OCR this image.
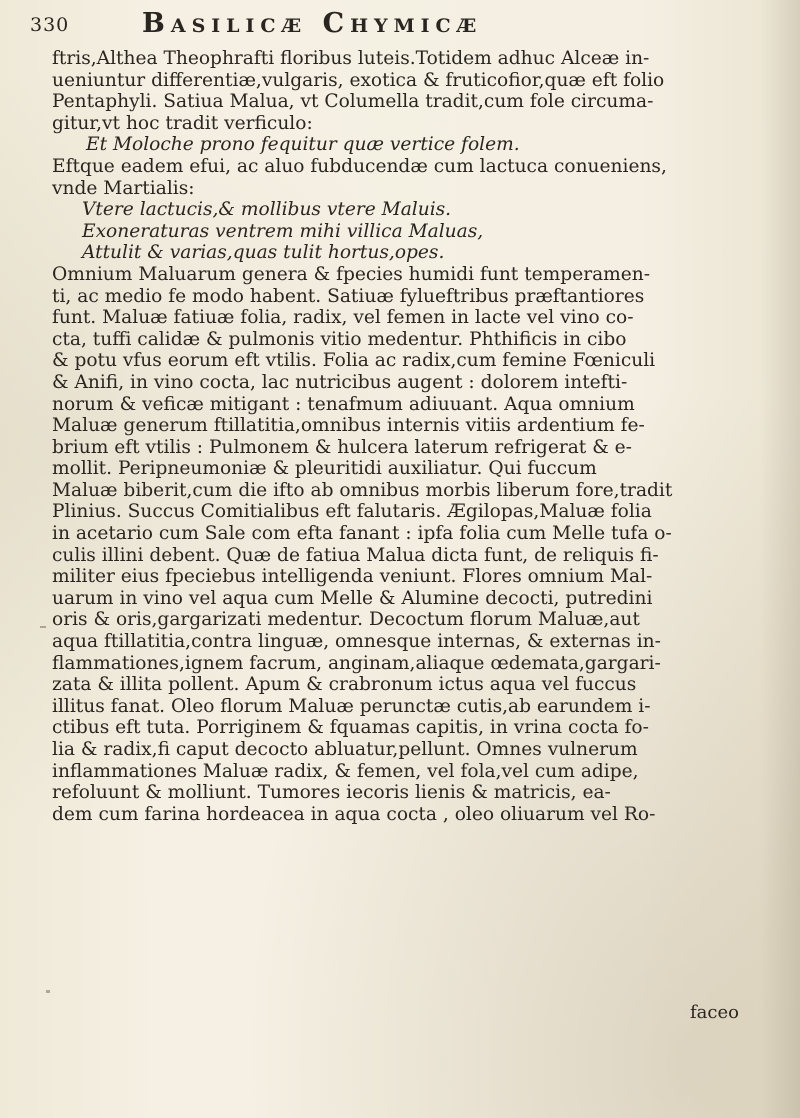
330	Basilicæ Chymicæ
ftris,Althea Theophrafti floribus luteis.Totidem adhuc Alceæ in-
ueniuntur differentiæ,vulgaris, exotica & fruticofior,quæ eft folio
Pentaphyli. Satiua Malua, vt Columella tradit,cum fole circuma-
gitur,vt hoc tradit verficulo:
Et Moloche prono fequitur quæ vertice folem.
Eftque eadem efui, ac aluo fubducendæ cum lactuca conueniens,
vnde Martialis:
Vtere lactucis,& mollibus vtere Maluis.
Exoneraturas ventrem mihi villica Maluas,
Attulit & varias,quas tulit hortus,opes.
Omnium Maluarum genera & fpecies humidi funt temperamen-
ti, ac medio fe modo habent. Satiuæ fylueftribus præftantiores
funt. Maluæ fatiuæ folia, radix, vel femen in lacte vel vino co-
cta, tuffi calidæ & pulmonis vitio medentur. Phthificis in cibo
& potu vfus eorum eft vtilis. Folia ac radix,cum femine Fœniculi
& Anifi, in vino cocta, lac nutricibus augent : dolorem intefti-
norum & veficæ mitigant : tenafmum adiuuant. Aqua omnium
Maluæ generum ftillatitia,omnibus internis vitiis ardentium fe-
brium eft vtilis : Pulmonem & hulcera laterum refrigerat & e-
mollit. Peripneumoniæ & pleuritidi auxiliatur. Qui fuccum
Maluæ biberit,cum die ifto ab omnibus morbis liberum fore,tradit
Plinius. Succus Comitialibus eft falutaris. Ægilopas,Maluæ folia
in acetario cum Sale com efta fanant : ipfa folia cum Melle tufa o-
culis illini debent. Quæ de fatiua Malua dicta funt, de reliquis fi-
militer eius fpeciebus intelligenda veniunt. Flores omnium Mal-
uarum in vino vel aqua cum Melle & Alumine decocti, putredini
oris & oris,gargarizati medentur. Decoctum florum Maluæ,aut
aqua ftillatitia,contra linguæ, omnesque internas, & externas in-
flammationes,ignem facrum, anginam,aliaque œdemata,gargari-
zata & illita pollent. Apum & crabronum ictus aqua vel fuccus
illitus fanat. Oleo florum Maluæ perunctæ cutis,ab earundem i-
ctibus eft tuta. Porriginem & fquamas capitis, in vrina cocta fo-
lia & radix,fi caput decocto abluatur,pellunt. Omnes vulnerum
inflammationes Maluæ radix, & femen, vel fola,vel cum adipe,
refoluunt & molliunt. Tumores iecoris lienis & matricis, ea-
dem cum farina hordeacea in aqua cocta , oleo oliuarum vel Ro-
faceo
